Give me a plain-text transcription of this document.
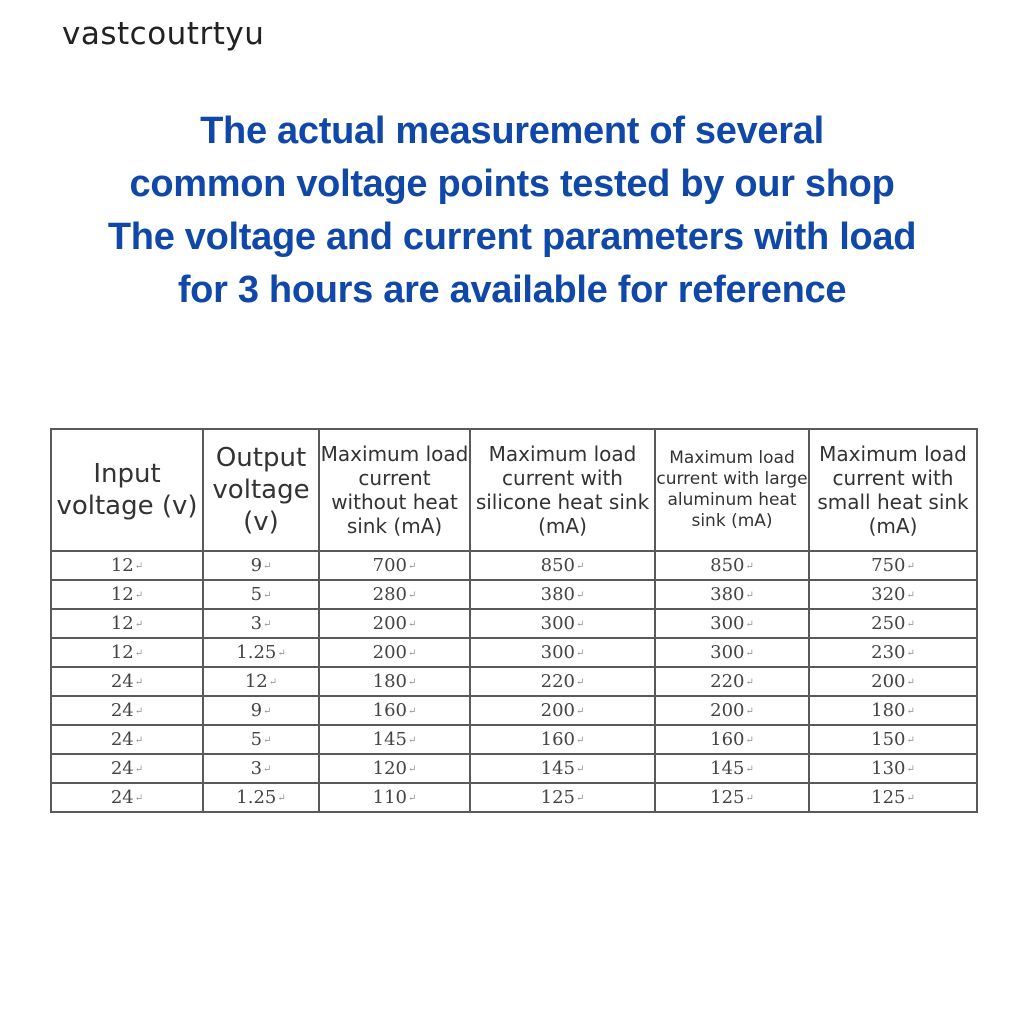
vastcoutrtyu
The actual measurement of several
common voltage points tested by our shop
The voltage and current parameters with load
for 3 hours are available for reference
Input voltage (v)	Output voltage (v)	Maximum load current without heat sink (mA)	Maximum load current with silicone heat sink (mA)	Maximum load current with large aluminum heat sink (mA)	Maximum load current with small heat sink (mA)
12 ↵	9 ↵	700 ↵	850 ↵	850 ↵	750 ↵
12 ↵	5 ↵	280 ↵	380 ↵	380 ↵	320 ↵
12 ↵	3 ↵	200 ↵	300 ↵	300 ↵	250 ↵
12 ↵	1.25 ↵	200 ↵	300 ↵	300 ↵	230 ↵
24 ↵	12 ↵	180 ↵	220 ↵	220 ↵	200 ↵
24 ↵	9 ↵	160 ↵	200 ↵	200 ↵	180 ↵
24 ↵	5 ↵	145 ↵	160 ↵	160 ↵	150 ↵
24 ↵	3 ↵	120 ↵	145 ↵	145 ↵	130 ↵
24 ↵	1.25 ↵	110 ↵	125 ↵	125 ↵	125 ↵
